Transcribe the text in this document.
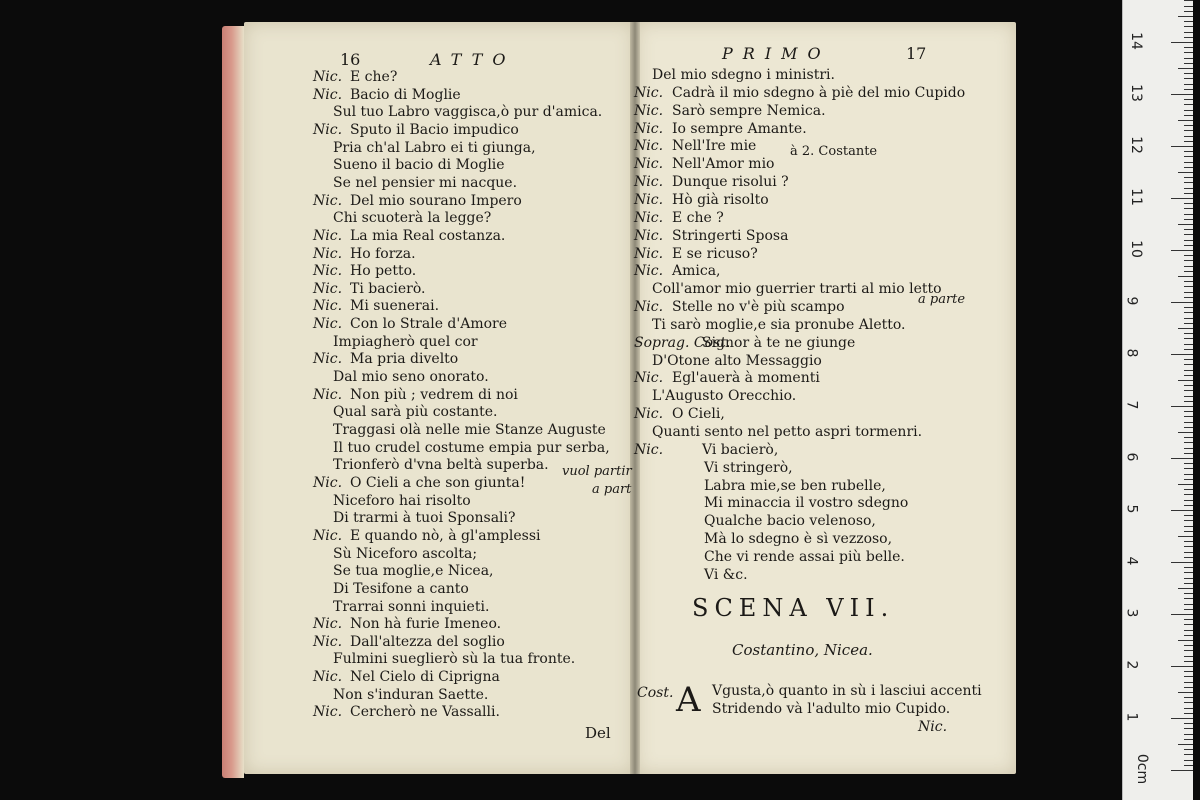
16	ATTO	PRIMO	17
Nic. E che?
Nic. Bacio di Moglie
Sul tuo Labro vaggisca,ò pur d'amica.
Nic. Sputo il Bacio impudico
Pria ch'al Labro ei ti giunga,
Sueno il bacio di Moglie
Se nel pensier mi nacque.
Nic. Del mio sourano Impero
Chi scuoterà la legge?
Nic. La mia Real costanza.
Nic. Ho forza.
Nic. Ho petto.
Nic. Ti bacierò.
Nic. Mi suenerai.
Nic. Con lo Strale d'Amore
Impiagherò quel cor
Nic. Ma pria divelto
Dal mio seno onorato.
Nic. Non più ; vedrem di noi
Qual sarà più costante.
Traggasi olà nelle mie Stanze Auguste
Il tuo crudel costume empia pur serba,
Trionferò d'vna beltà superba.
Nic. O Cieli a che son giunta!
Niceforo hai risolto
Di trarmi à tuoi Sponsali?
Nic. E quando nò, à gl'amplessi
Sù Niceforo ascolta;
Se tua moglie,e Nicea,
Di Tesifone a canto
Trarrai sonni inquieti.
Nic. Non hà furie Imeneo.
Nic. Dall'altezza del soglio
Fulmini sueglierò sù la tua fronte.
Nic. Nel Cielo di Ciprigna
Non s'induran Saette.
Nic. Cercherò ne Vassalli.
Del mio sdegno i ministri.
Nic. Cadrà il mio sdegno à piè del mio Cupido
Nic. Sarò sempre Nemica.
Nic. Io sempre Amante.
Nic. Nell'Ire mie
Nic. Nell'Amor mio
Nic. Dunque risolui ?
Nic. Hò già risolto
Nic. E che ?
Nic. Stringerti Sposa
Nic. E se ricuso?
Nic. Amica,
Coll'amor mio guerrier trarti al mio letto
Nic. Stelle no v'è più scampo
Ti sarò moglie,e sia pronube Aletto.
Soprag. Cost.
Signor à te ne giunge
D'Otone alto Messaggio
Nic. Egl'auerà à momenti
L'Augusto Orecchio.
Nic. O Cieli,
Quanti sento nel petto aspri tormenri.
Nic.	Vi bacierò,
Vi stringerò,
Labra mie,se ben rubelle,
Mi minaccia il vostro sdegno
Qualche bacio velenoso,
Mà lo sdegno è sì vezzoso,
Che vi rende assai più belle.
Vi &c.
vuol partir
a part
Del
à 2. Costante
a parte
SCENA VII.
Costantino, Nicea.
Cost. A Vgusta,ò quanto in sù i lasciui accenti
Stridendo và l'adulto mio Cupido.
Nic.
0cm
1
2
3
4
5
6
7
8
9
10
11
12
13
14
